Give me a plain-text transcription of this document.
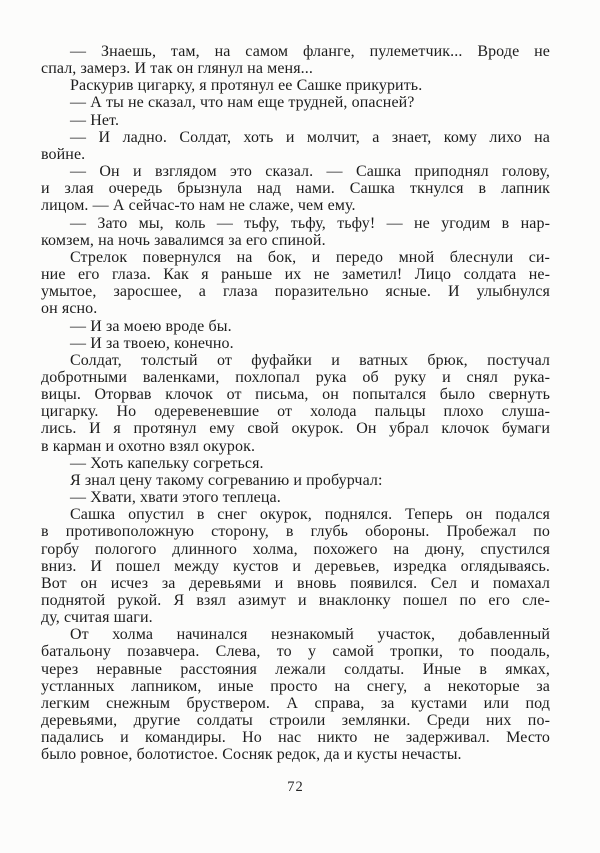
— Знаешь, там, на самом фланге, пулеметчик... Вроде не
спал, замерз. И так он глянул на меня...
Раскурив цигарку, я протянул ее Сашке прикурить.
— А ты не сказал, что нам еще трудней, опасней?
— Нет.
— И ладно. Солдат, хоть и молчит, а знает, кому лихо на
войне.
— Он и взглядом это сказал. — Сашка приподнял голову,
и злая очередь брызнула над нами. Сашка ткнулся в лапник
лицом. — А сейчас-то нам не слаже, чем ему.
— Зато мы, коль — тьфу, тьфу, тьфу! — не угодим в нар-
комзем, на ночь завалимся за его спиной.
Стрелок повернулся на бок, и передо мной блеснули си-
ние его глаза. Как я раньше их не заметил! Лицо солдата не-
умытое, заросшее, а глаза поразительно ясные. И улыбнулся
он ясно.
— И за моею вроде бы.
— И за твоею, конечно.
Солдат, толстый от фуфайки и ватных брюк, постучал
добротными валенками, похлопал рука об руку и снял рука-
вицы. Оторвав клочок от письма, он попытался было свернуть
цигарку. Но одеревеневшие от холода пальцы плохо слуша-
лись. И я протянул ему свой окурок. Он убрал клочок бумаги
в карман и охотно взял окурок.
— Хоть капельку согреться.
Я знал цену такому согреванию и пробурчал:
— Хвати, хвати этого теплеца.
Сашка опустил в снег окурок, поднялся. Теперь он подался
в противоположную сторону, в глубь обороны. Пробежал по
горбу пологого длинного холма, похожего на дюну, спустился
вниз. И пошел между кустов и деревьев, изредка оглядываясь.
Вот он исчез за деревьями и вновь появился. Сел и помахал
поднятой рукой. Я взял азимут и внаклонку пошел по его сле-
ду, считая шаги.
От холма начинался незнакомый участок, добавленный
батальону позавчера. Слева, то у самой тропки, то поодаль,
через неравные расстояния лежали солдаты. Иные в ямках,
устланных лапником, иные просто на снегу, а некоторые за
легким снежным бруствером. А справа, за кустами или под
деревьями, другие солдаты строили землянки. Среди них по-
падались и командиры. Но нас никто не задерживал. Место
было ровное, болотистое. Сосняк редок, да и кусты нечасты.
72
